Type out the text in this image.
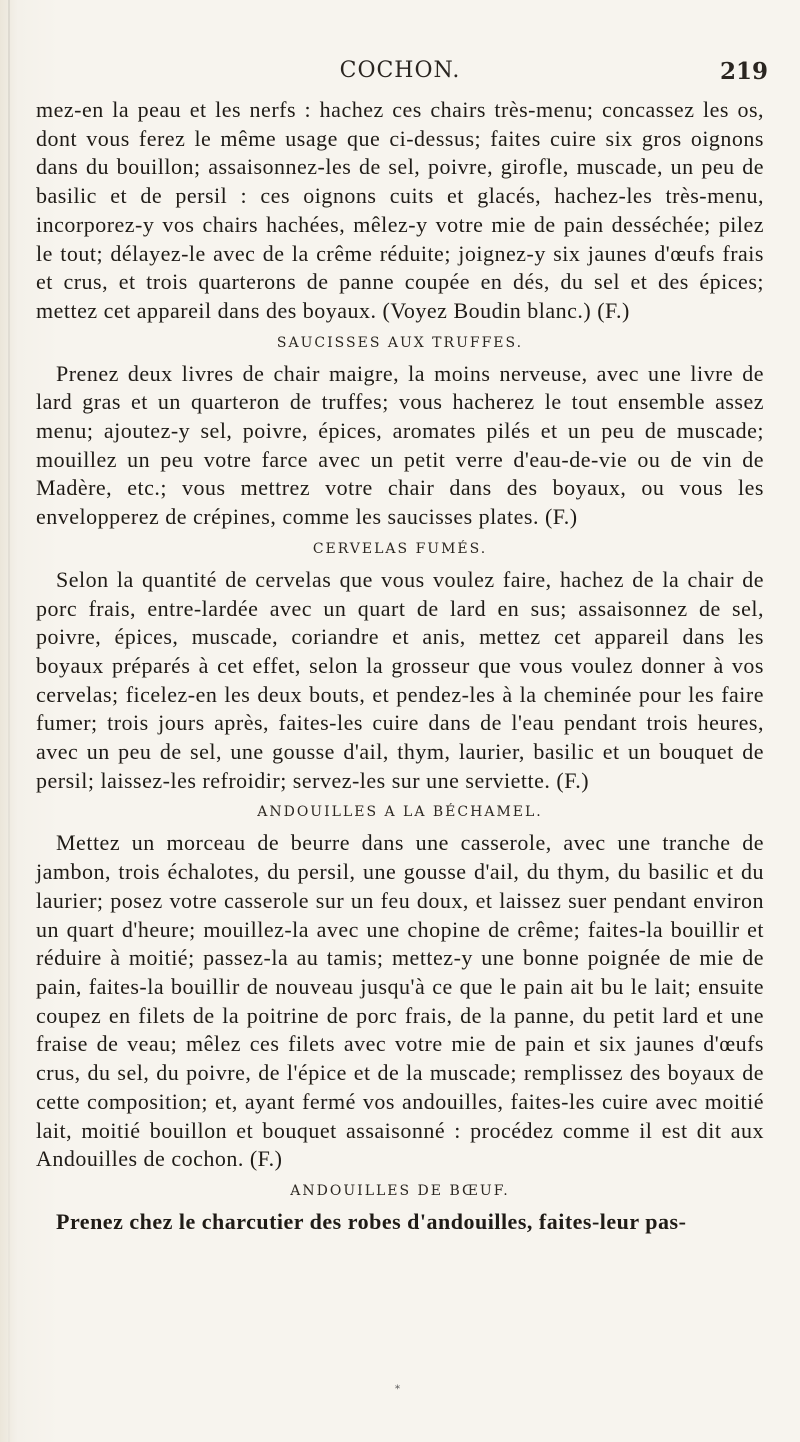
COCHON.	219

mez-en la peau et les nerfs : hachez ces chairs très-menu; concassez les os, dont vous ferez le même usage que ci-dessus; faites cuire six gros oignons dans du bouillon; assaisonnez-les de sel, poivre, girofle, muscade, un peu de basilic et de persil : ces oignons cuits et glacés, hachez-les très-menu, incorporez-y vos chairs hachées, mêlez-y votre mie de pain desséchée; pilez le tout; délayez-le avec de la crême réduite; joignez-y six jaunes d'œufs frais et crus, et trois quarterons de panne coupée en dés, du sel et des épices; mettez cet appareil dans des boyaux. (Voyez Boudin blanc.) (F.)

SAUCISSES AUX TRUFFES.

Prenez deux livres de chair maigre, la moins nerveuse, avec une livre de lard gras et un quarteron de truffes; vous hacherez le tout ensemble assez menu; ajoutez-y sel, poivre, épices, aromates pilés et un peu de muscade; mouillez un peu votre farce avec un petit verre d'eau-de-vie ou de vin de Madère, etc.; vous mettrez votre chair dans des boyaux, ou vous les envelopperez de crépines, comme les saucisses plates. (F.)

CERVELAS FUMÉS.

Selon la quantité de cervelas que vous voulez faire, hachez de la chair de porc frais, entre-lardée avec un quart de lard en sus; assaisonnez de sel, poivre, épices, muscade, coriandre et anis, mettez cet appareil dans les boyaux préparés à cet effet, selon la grosseur que vous voulez donner à vos cervelas; ficelez-en les deux bouts, et pendez-les à la cheminée pour les faire fumer; trois jours après, faites-les cuire dans de l'eau pendant trois heures, avec un peu de sel, une gousse d'ail, thym, laurier, basilic et un bouquet de persil; laissez-les refroidir; servez-les sur une serviette. (F.)

ANDOUILLES A LA BÉCHAMEL.

Mettez un morceau de beurre dans une casserole, avec une tranche de jambon, trois échalotes, du persil, une gousse d'ail, du thym, du basilic et du laurier; posez votre casserole sur un feu doux, et laissez suer pendant environ un quart d'heure; mouillez-la avec une chopine de crême; faites-la bouillir et réduire à moitié; passez-la au tamis; mettez-y une bonne poignée de mie de pain, faites-la bouillir de nouveau jusqu'à ce que le pain ait bu le lait; ensuite coupez en filets de la poitrine de porc frais, de la panne, du petit lard et une fraise de veau; mêlez ces filets avec votre mie de pain et six jaunes d'œufs crus, du sel, du poivre, de l'épice et de la muscade; remplissez des boyaux de cette composition; et, ayant fermé vos andouilles, faites-les cuire avec moitié lait, moitié bouillon et bouquet assaisonné : procédez comme il est dit aux Andouilles de cochon. (F.)

ANDOUILLES DE BŒUF.

Prenez chez le charcutier des robes d'andouilles, faites-leur pas-

*
